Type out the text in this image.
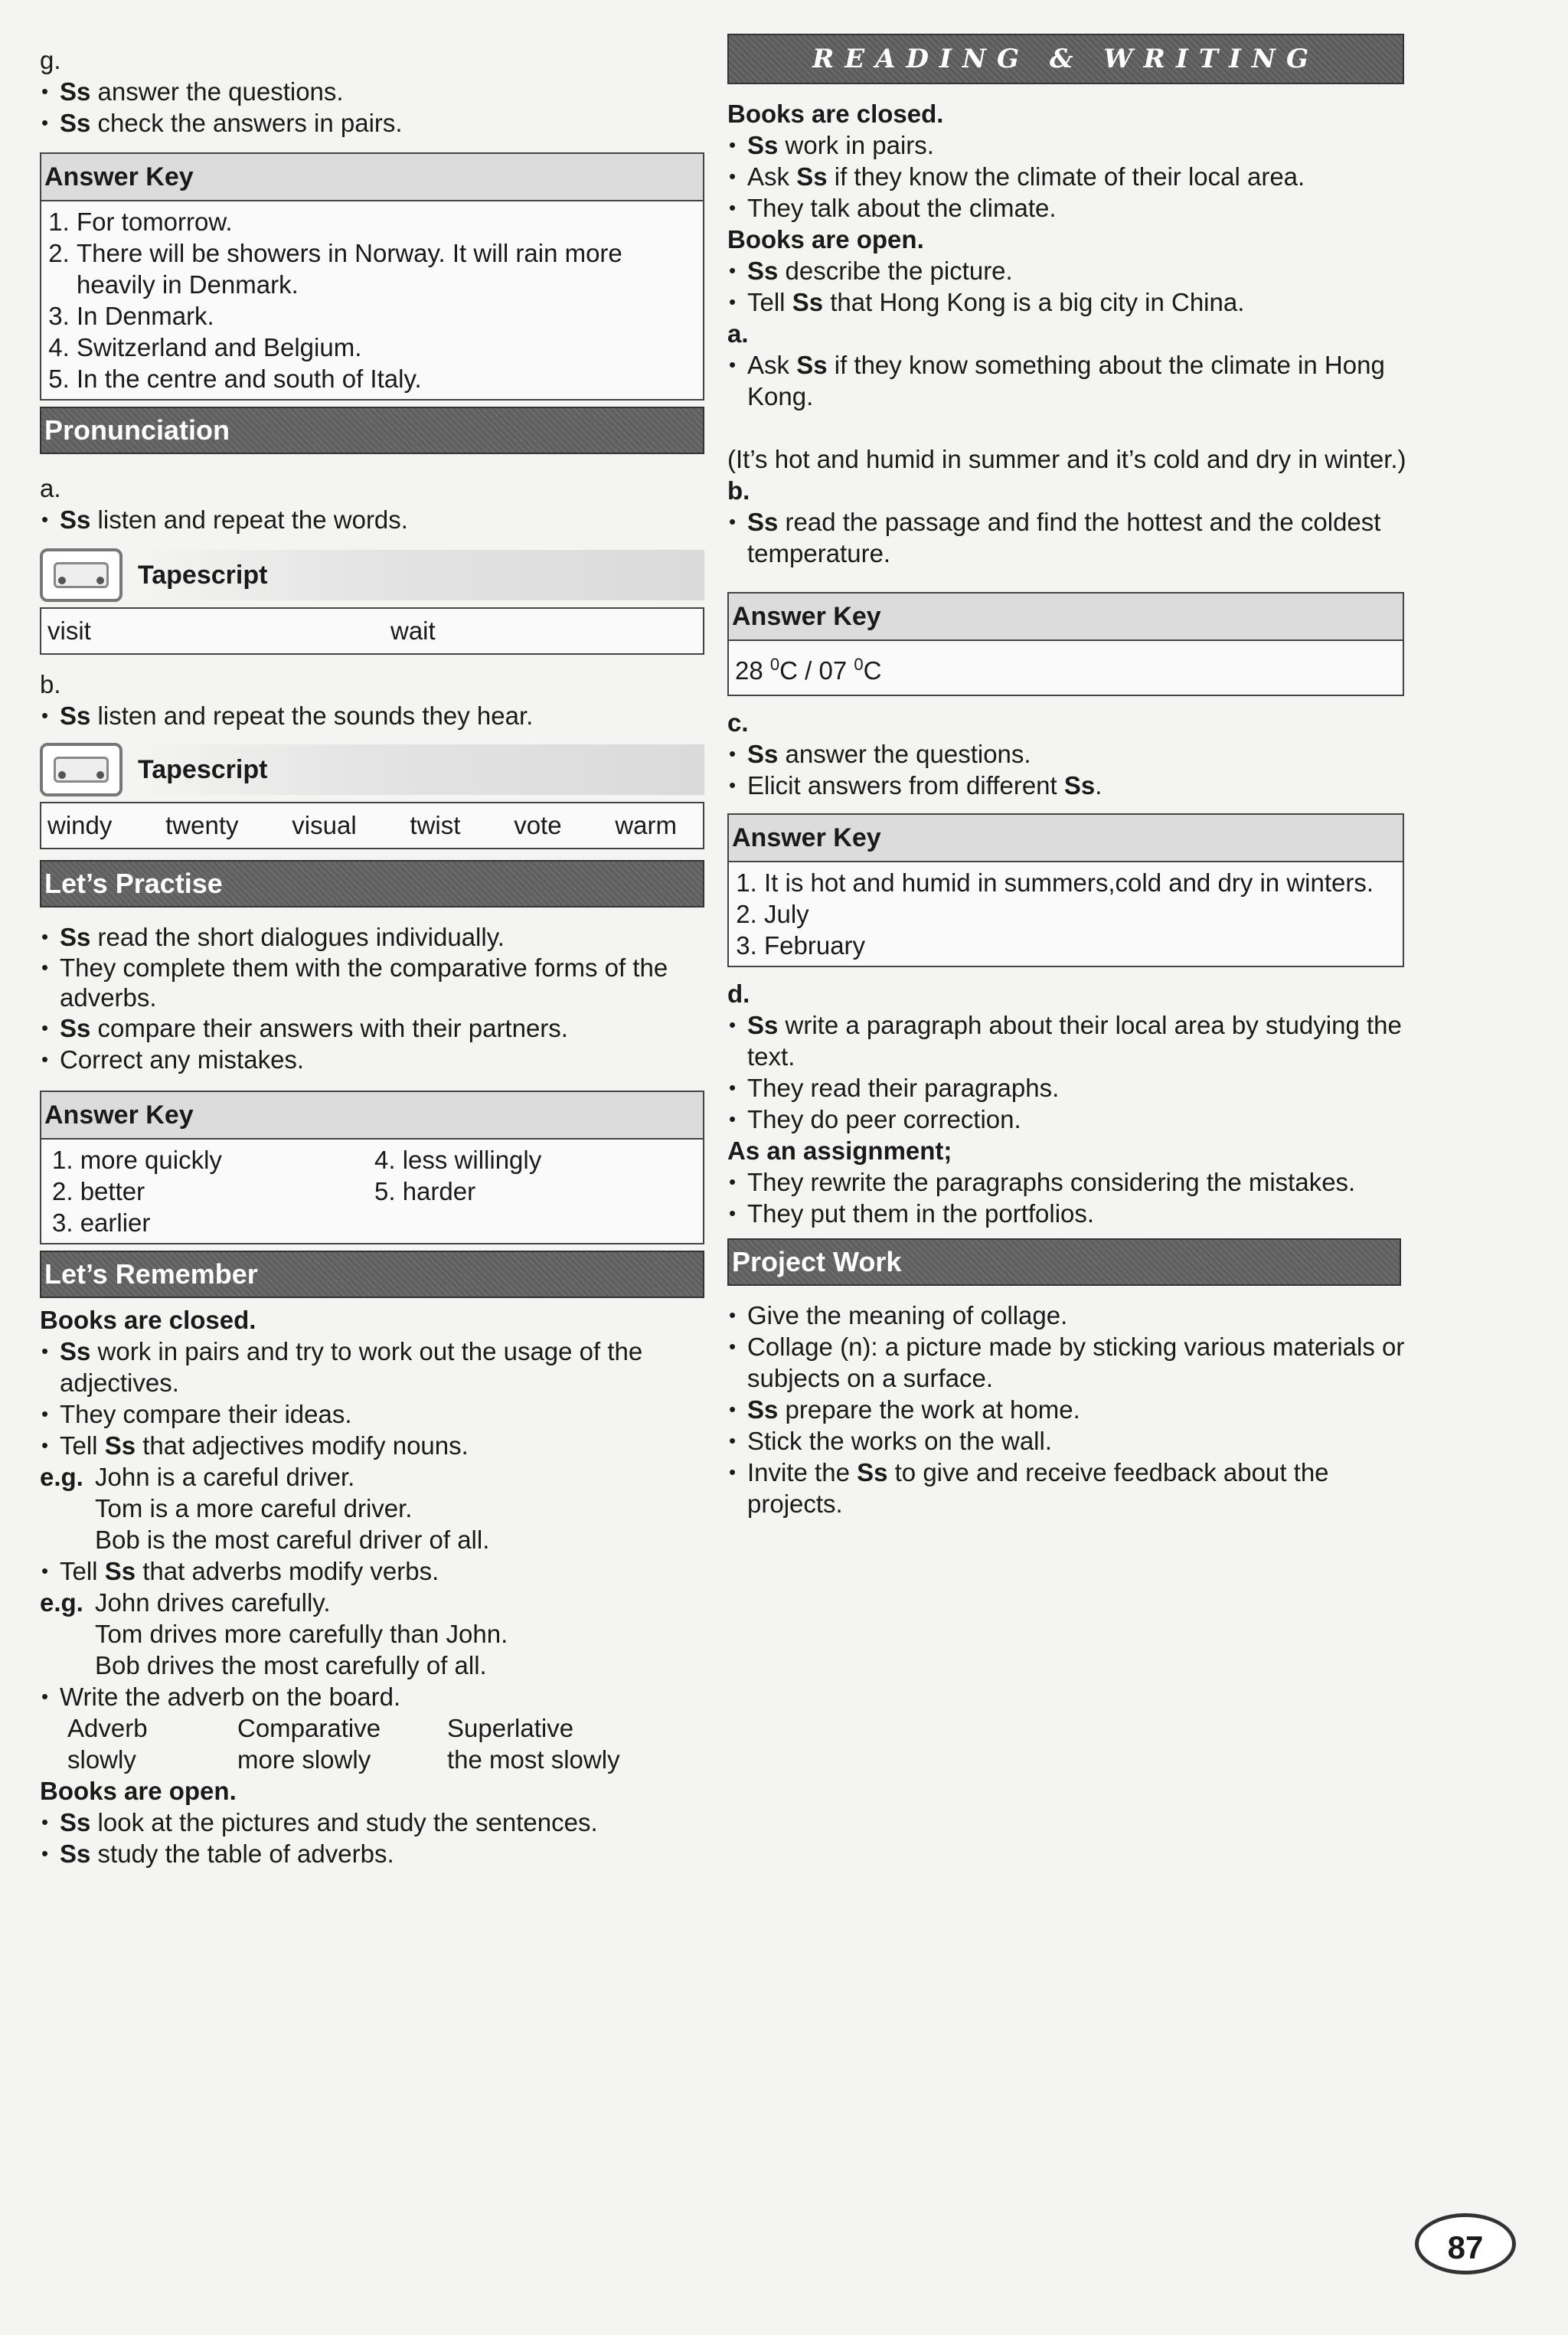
g.

• Ss answer the questions.

• Ss check the answers in pairs.

Answer Key
1. For tomorrow.
2. There will be showers in Norway. It will rain more heavily in Denmark.
3. In Denmark.
4. Switzerland and Belgium.
5. In the centre and south of Italy.
Pronunciation

a.

• Ss listen and repeat the words.

Tapescript
visit	wait

b.

• Ss listen and repeat the sounds they hear.

Tapescript
windy twenty visual twist vote warm
Let’s Practise

• Ss read the short dialogues individually.

• They complete them with the comparative forms of the adverbs.

• Ss compare their answers with their partners.

• Correct any mistakes.

Answer Key
1. more quickly	4. less willingly
2. better	5. harder
3. earlier
Let’s Remember

Books are closed.

• Ss work in pairs and try to work out the usage of the adjectives.

• They compare their ideas.

• Tell Ss that adjectives modify nouns.

e.g. John is a careful driver.

Tom is a more careful driver.

Bob is the most careful driver of all.

• Tell Ss that adverbs modify verbs.

e.g. John drives carefully.

Tom drives more carefully than John.

Bob drives the most carefully of all.

• Write the adverb on the board.

Adverb	Comparative	Superlative
slowly	more slowly	the most slowly

Books are open.

• Ss look at the pictures and study the sentences.

• Ss study the table of adverbs.

READING & WRITING

Books are closed.

• Ss work in pairs.

• Ask Ss if they know the climate of their local area.

• They talk about the climate.

Books are open.

• Ss describe the picture.

• Tell Ss that Hong Kong is a big city in China.

a.

• Ask Ss if they know something about the climate in Hong Kong.

(It’s hot and humid in summer and it’s cold and dry in winter.)

b.

• Ss read the passage and find the hottest and the coldest temperature.

Answer Key
28 $^0$C / 07 $^0$C

c.

• Ss answer the questions.

• Elicit answers from different Ss.

Answer Key
1. It is hot and humid in summers,cold and dry in winters.
2. July
3. February

d.

• Ss write a paragraph about their local area by studying the text.

• They read their paragraphs.

• They do peer correction.

As an assignment;

• They rewrite the paragraphs considering the mistakes.

• They put them in the portfolios.

Project Work

• Give the meaning of collage.

• Collage (n): a picture made by sticking various materials or subjects on a surface.

• Ss prepare the work at home.

• Stick the works on the wall.

• Invite the Ss to give and receive feedback about the projects.

87
